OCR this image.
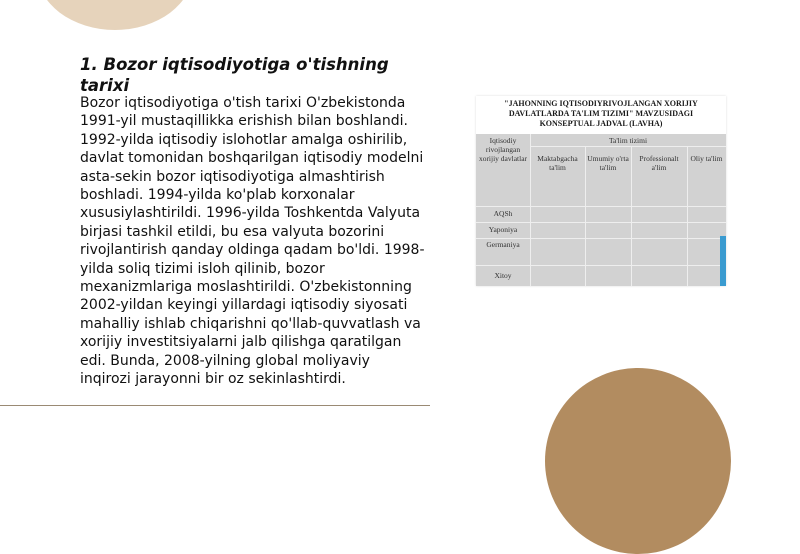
1. Bozor iqtisodiyotiga o'tishning tarixi

Bozor iqtisodiyotiga o'tish tarixi O'zbekistonda 1991-yil mustaqillikka erishish bilan boshlandi. 1992-yilda iqtisodiy islohotlar amalga oshirilib, davlat tomonidan boshqarilgan iqtisodiy modelni asta-sekin bozor iqtisodiyotiga almashtirish boshladi. 1994-yilda ko'plab korxonalar xususiylashtirildi. 1996-yilda Toshkentda Valyuta birjasi tashkil etildi, bu esa valyuta bozorini rivojlantirish qanday oldinga qadam bo'ldi. 1998-yilda soliq tizimi isloh qilinib, bozor mexanizmlariga moslashtirildi. O'zbekistonning 2002-yildan keyingi yillardagi iqtisodiy siyosati mahalliy ishlab chiqarishni qo'llab-quvvatlash va xorijiy investitsiyalarni jalb qilishga qaratilgan edi. Bunda, 2008-yilning global moliyaviy inqirozi jarayonni bir oz sekinlashtirdi.

"JAHONNING IQTISODIYRIVOJLANGAN XORIJIY
DAVLATLARDA TA'LIM TIZIMI" MAVZUSIDAGI
KONSEPTUAL JADVAL (LAVHA)
Iqtisodiy rivojlangan xorijiy davlatlar
Ta'lim tizimi
Maktabgacha ta'lim
Umumiy o'rta ta'lim
Professionalt a'lim
Oliy ta'lim
AQSh
Yaponiya
Germaniya
Xitoy
